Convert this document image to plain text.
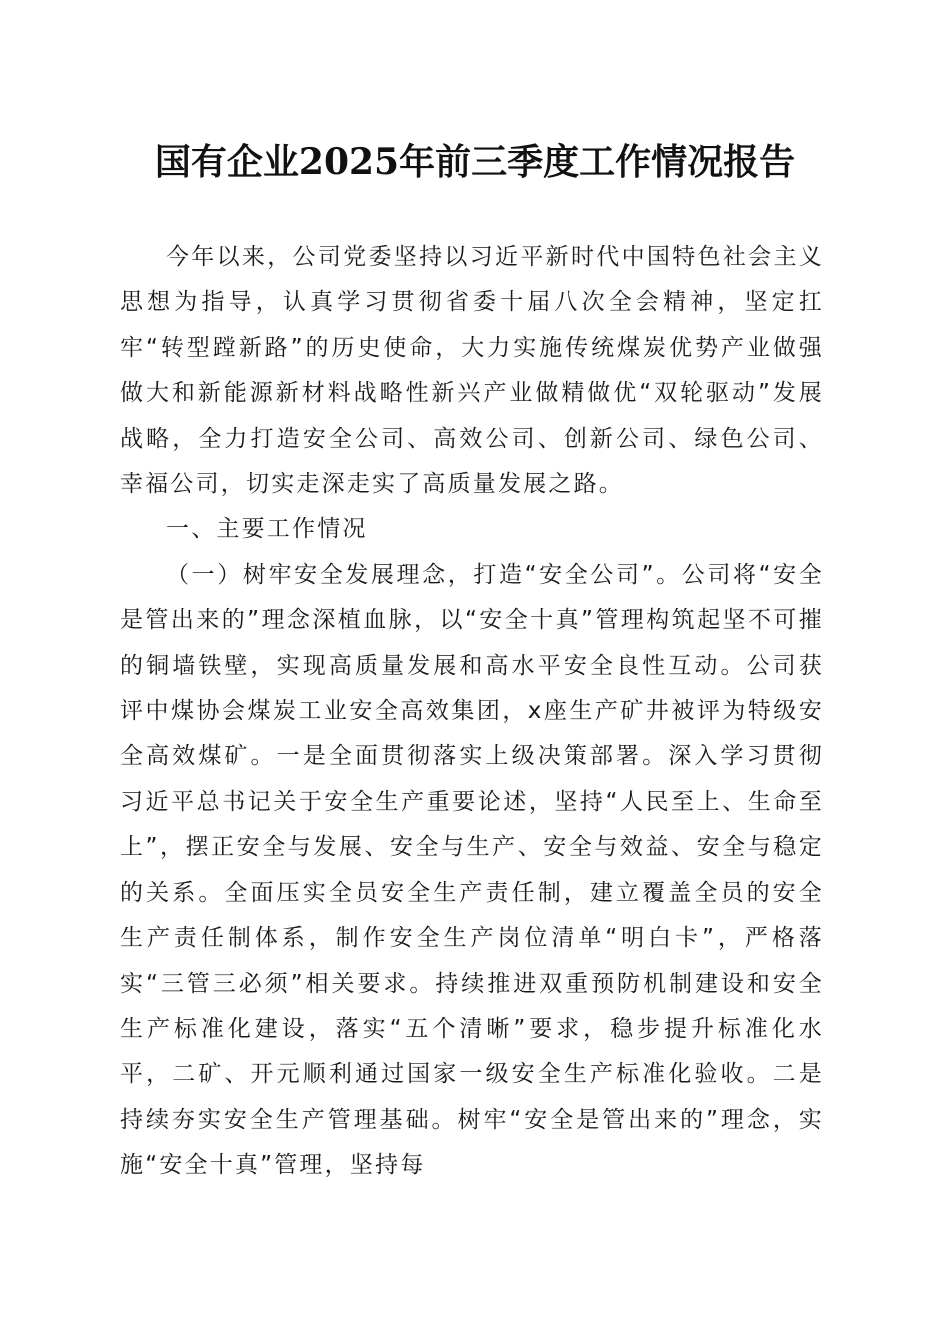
国有企业2025年前三季度工作情况报告

今年以来，公司党委坚持以习近平新时代中国特色社会主义思想为指导，认真学习贯彻省委十届八次全会精神，坚定扛牢“转型蹚新路”的历史使命，大力实施传统煤炭优势产业做强做大和新能源新材料战略性新兴产业做精做优“双轮驱动”发展战略，全力打造安全公司、高效公司、创新公司、绿色公司、幸福公司，切实走深走实了高质量发展之路。

一、主要工作情况

（一）树牢安全发展理念，打造“安全公司”。公司将“安全是管出来的”理念深植血脉，以“安全十真”管理构筑起坚不可摧的铜墙铁壁，实现高质量发展和高水平安全良性互动。公司获评中煤协会煤炭工业安全高效集团，x座生产矿井被评为特级安全高效煤矿。一是全面贯彻落实上级决策部署。深入学习贯彻习近平总书记关于安全生产重要论述，坚持“人民至上、生命至上”，摆正安全与发展、安全与生产、安全与效益、安全与稳定的关系。全面压实全员安全生产责任制，建立覆盖全员的安全生产责任制体系，制作安全生产岗位清单“明白卡”，严格落实“三管三必须”相关要求。持续推进双重预防机制建设和安全生产标准化建设，落实“五个清晰”要求，稳步提升标准化水平，二矿、开元顺利通过国家一级安全生产标准化验收。二是持续夯实安全生产管理基础。树牢“安全是管出来的”理念，实施“安全十真”管理，坚持每
